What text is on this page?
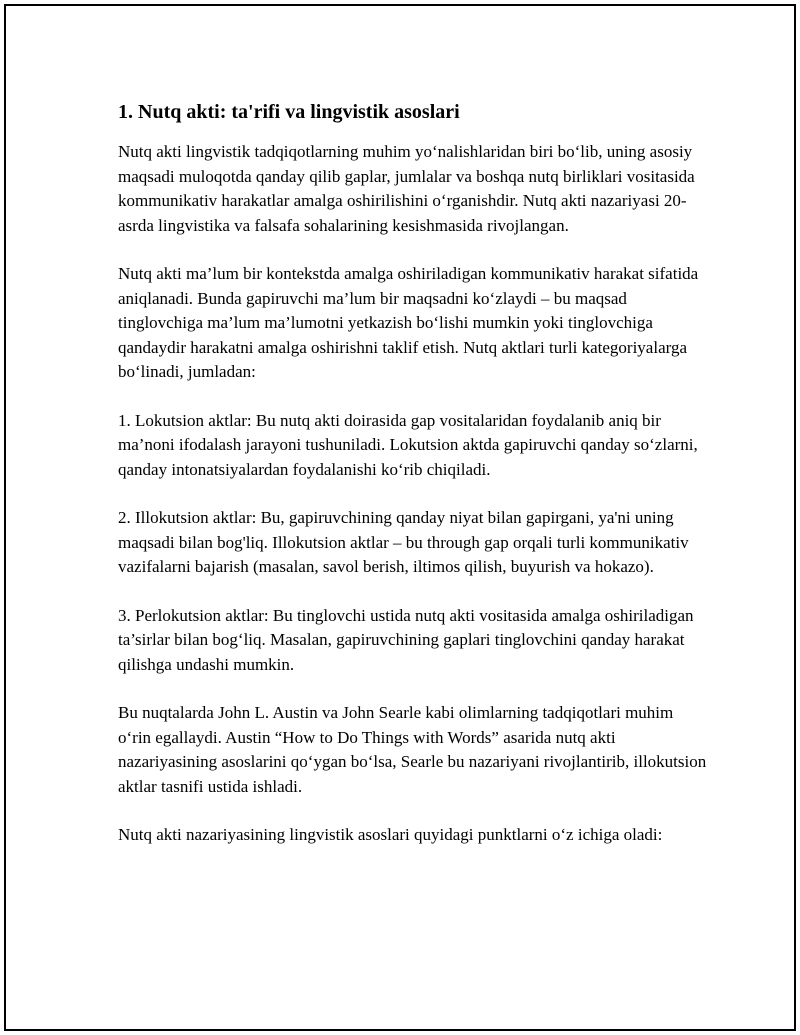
1. Nutq akti: ta'rifi va lingvistik asoslari

Nutq akti lingvistik tadqiqotlarning muhim yo‘nalishlaridan biri bo‘lib, uning asosiy maqsadi muloqotda qanday qilib gaplar, jumlalar va boshqa nutq birliklari vositasida kommunikativ harakatlar amalga oshirilishini o‘rganishdir. Nutq akti nazariyasi 20-asrda lingvistika va falsafa sohalarining kesishmasida rivojlangan.

Nutq akti ma’lum bir kontekstda amalga oshiriladigan kommunikativ harakat sifatida aniqlanadi. Bunda gapiruvchi ma’lum bir maqsadni ko‘zlaydi – bu maqsad tinglovchiga ma’lum ma’lumotni yetkazish bo‘lishi mumkin yoki tinglovchiga qandaydir harakatni amalga oshirishni taklif etish. Nutq aktlari turli kategoriyalarga bo‘linadi, jumladan:

1. Lokutsion aktlar: Bu nutq akti doirasida gap vositalaridan foydalanib aniq bir ma’noni ifodalash jarayoni tushuniladi. Lokutsion aktda gapiruvchi qanday so‘zlarni, qanday intonatsiyalardan foydalanishi ko‘rib chiqiladi.

2. Illokutsion aktlar: Bu, gapiruvchining qanday niyat bilan gapirgani, ya'ni uning maqsadi bilan bog'liq. Illokutsion aktlar – bu through gap orqali turli kommunikativ vazifalarni bajarish (masalan, savol berish, iltimos qilish, buyurish va hokazo).

3. Perlokutsion aktlar: Bu tinglovchi ustida nutq akti vositasida amalga oshiriladigan ta’sirlar bilan bog‘liq. Masalan, gapiruvchining gaplari tinglovchini qanday harakat qilishga undashi mumkin.

Bu nuqtalarda John L. Austin va John Searle kabi olimlarning tadqiqotlari muhim o‘rin egallaydi. Austin “How to Do Things with Words” asarida nutq akti nazariyasining asoslarini qo‘ygan bo‘lsa, Searle bu nazariyani rivojlantirib, illokutsion aktlar tasnifi ustida ishladi.

Nutq akti nazariyasining lingvistik asoslari quyidagi punktlarni o‘z ichiga oladi:
